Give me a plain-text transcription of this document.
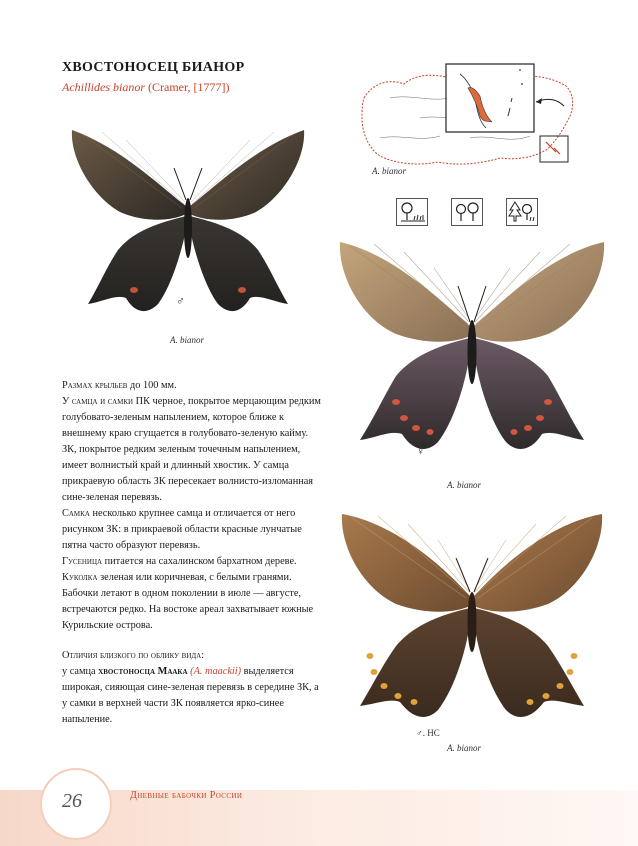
ХВОСТОНОСЕЦ БИАНОР
Achillides bianor (Cramer, [1777])
A. bianor
♂
A. bianor
♀
A. bianor
♂. НС
A. bianor

Размах крыльев до 100 мм.

У самца и самки ПК черное, покрытое мерцающим редким голубовато-зеленым напылением, которое ближе к внешнему краю сгущается в голубовато-зеленую кайму. ЗК, покрытое редким зеленым точечным напылением, имеет волнистый край и длинный хвостик. У самца прикраевую область ЗК пересекает волнисто-изломанная сине-зеленая перевязь.

Самка несколько крупнее самца и отличается от него рисунком ЗК: в прикраевой области красные лунчатые пятна часто образуют перевязь.

Гусеница питается на сахалинском бархатном дереве. Куколка зеленая или коричневая, с белыми гранями.

Бабочки летают в одном поколении в июле — августе, встречаются редко. На востоке ареал захватывает южные Курильские острова.

Отличия близкого по облику вида:

у самца хвостоносца Маака (A. maackii) выделяется широкая, сияющая сине-зеленая перевязь в середине ЗК, а у самки в верхней части ЗК появляется ярко-синее напыление.

26	Дневные бабочки России
